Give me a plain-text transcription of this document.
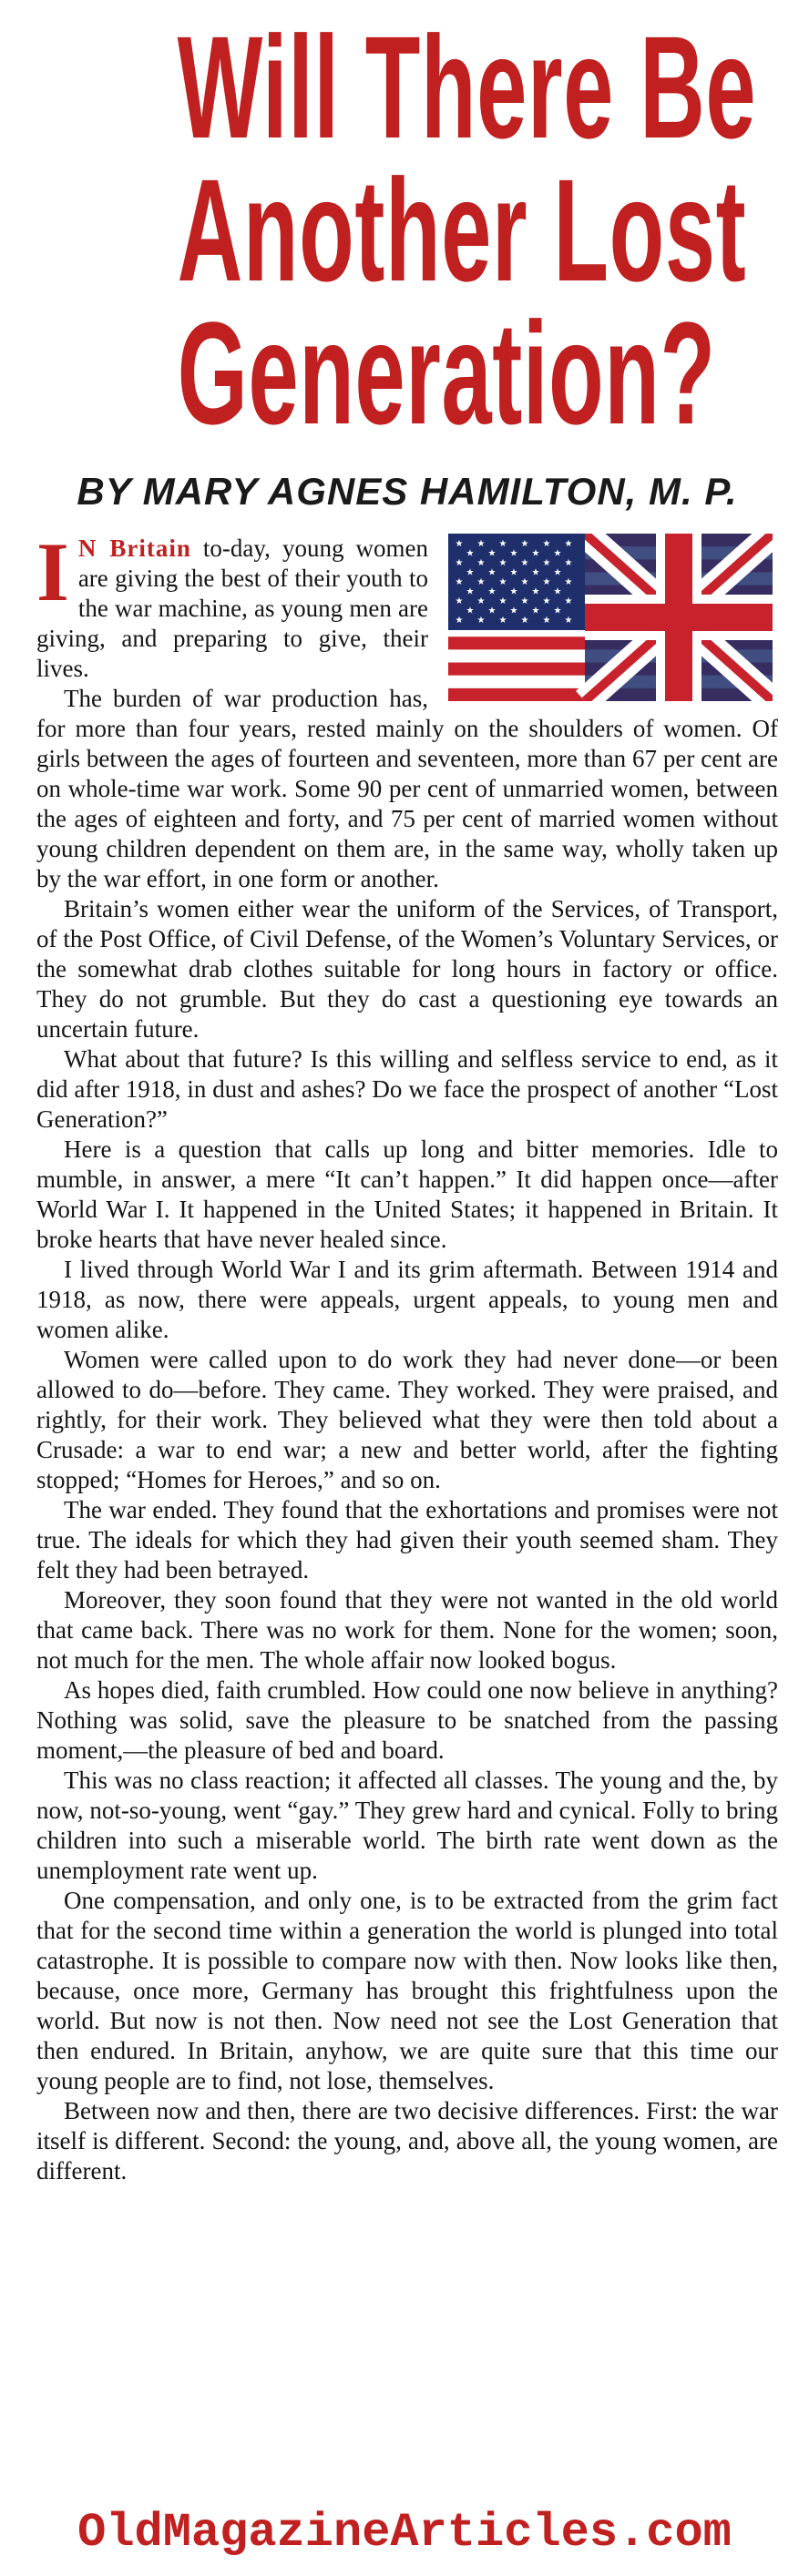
Will There Be
Another Lost
Generation?
BY MARY AGNES HAMILTON, M. P.
★ ★ ★ ★ ★ ★
★ ★ ★ ★ ★
★ ★ ★ ★ ★ ★
★ ★ ★ ★ ★
★ ★ ★ ★ ★ ★
★ ★ ★ ★ ★
★ ★ ★ ★ ★ ★
★ ★ ★ ★ ★
★ ★ ★ ★ ★ ★

I N Britain to-day, young women are giving the best of their youth to the war machine, as young men are giving, and preparing to give, their lives.

The burden of war production has, for more than four years, rested mainly on the shoulders of women. Of girls between the ages of fourteen and seventeen, more than 67 per cent are on whole-time war work. Some 90 per cent of unmarried women, between the ages of eighteen and forty, and 75 per cent of married women without young children dependent on them are, in the same way, wholly taken up by the war effort, in one form or another.

Britain’s women either wear the uniform of the Services, of Transport, of the Post Office, of Civil Defense, of the Women’s Voluntary Services, or the somewhat drab clothes suitable for long hours in factory or office. They do not grumble. But they do cast a questioning eye towards an uncertain future.

What about that future? Is this willing and selfless service to end, as it did after 1918, in dust and ashes? Do we face the prospect of another “Lost Generation?”

Here is a question that calls up long and bitter memories. Idle to mumble, in answer, a mere “It can’t happen.” It did happen once—after World War I. It happened in the United States; it happened in Britain. It broke hearts that have never healed since.

I lived through World War I and its grim aftermath. Between 1914 and 1918, as now, there were appeals, urgent appeals, to young men and women alike.

Women were called upon to do work they had never done—or been allowed to do—before. They came. They worked. They were praised, and rightly, for their work. They believed what they were then told about a Crusade: a war to end war; a new and better world, after the fighting stopped; “Homes for Heroes,” and so on.

The war ended. They found that the exhortations and promises were not true. The ideals for which they had given their youth seemed sham. They felt they had been betrayed.

Moreover, they soon found that they were not wanted in the old world that came back. There was no work for them. None for the women; soon, not much for the men. The whole affair now looked bogus.

As hopes died, faith crumbled. How could one now believe in anything? Nothing was solid, save the pleasure to be snatched from the passing moment,—the pleasure of bed and board.

This was no class reaction; it affected all classes. The young and the, by now, not-so-young, went “gay.” They grew hard and cynical. Folly to bring children into such a miserable world. The birth rate went down as the unemployment rate went up.

One compensation, and only one, is to be extracted from the grim fact that for the second time within a generation the world is plunged into total catastrophe. It is possible to compare now with then. Now looks like then, because, once more, Germany has brought this frightfulness upon the world. But now is not then. Now need not see the Lost Generation that then endured. In Britain, anyhow, we are quite sure that this time our young people are to find, not lose, themselves.

Between now and then, there are two decisive differences. First: the war itself is different. Second: the young, and, above all, the young women, are different.

OldMagazineArticles.com
